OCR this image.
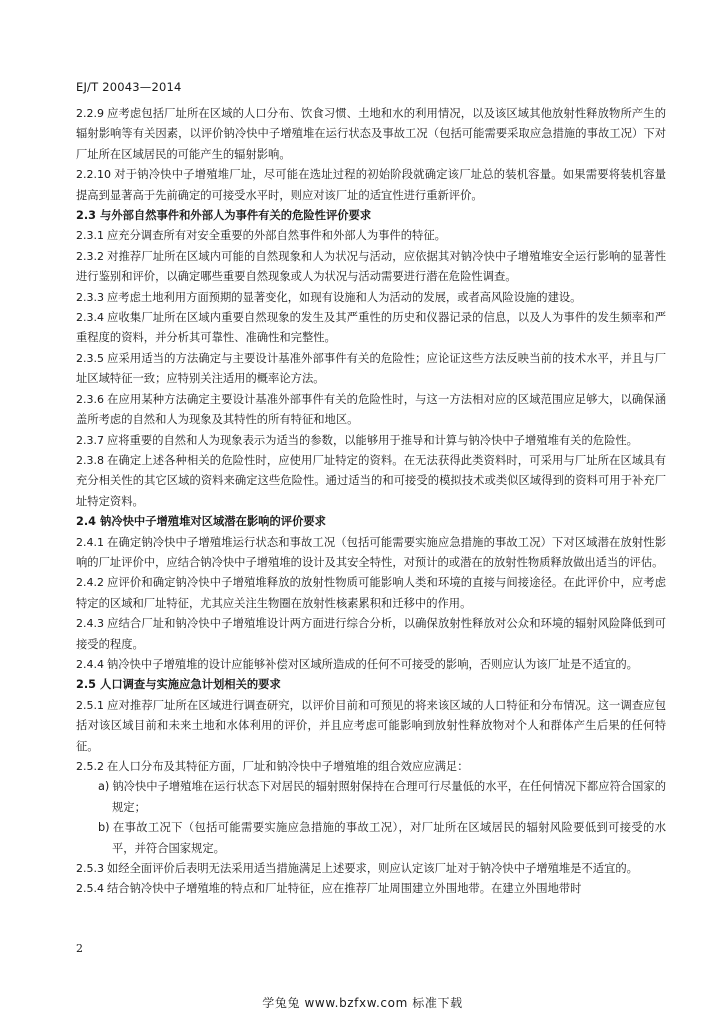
EJ/T 20043—2014

2.2.9 应考虑包括厂址所在区域的人口分布、饮食习惯、土地和水的利用情况，以及该区域其他放射性释放物所产生的辐射影响等有关因素，以评价钠冷快中子增殖堆在运行状态及事故工况（包括可能需要采取应急措施的事故工况）下对厂址所在区域居民的可能产生的辐射影响。

2.2.10 对于钠冷快中子增殖堆厂址，尽可能在选址过程的初始阶段就确定该厂址总的装机容量。如果需要将装机容量提高到显著高于先前确定的可接受水平时，则应对该厂址的适宜性进行重新评价。

2.3 与外部自然事件和外部人为事件有关的危险性评价要求

2.3.1 应充分调查所有对安全重要的外部自然事件和外部人为事件的特征。

2.3.2 对推荐厂址所在区域内可能的自然现象和人为状况与活动，应依据其对钠冷快中子增殖堆安全运行影响的显著性进行鉴别和评价，以确定哪些重要自然现象或人为状况与活动需要进行潜在危险性调查。

2.3.3 应考虑土地利用方面预期的显著变化，如现有设施和人为活动的发展，或者高风险设施的建设。

2.3.4 应收集厂址所在区域内重要自然现象的发生及其严重性的历史和仪器记录的信息，以及人为事件的发生频率和严重程度的资料，并分析其可靠性、准确性和完整性。

2.3.5 应采用适当的方法确定与主要设计基准外部事件有关的危险性；应论证这些方法反映当前的技术水平，并且与厂址区域特征一致；应特别关注适用的概率论方法。

2.3.6 在应用某种方法确定主要设计基准外部事件有关的危险性时，与这一方法相对应的区域范围应足够大，以确保涵盖所考虑的自然和人为现象及其特性的所有特征和地区。

2.3.7 应将重要的自然和人为现象表示为适当的参数，以能够用于推导和计算与钠冷快中子增殖堆有关的危险性。

2.3.8 在确定上述各种相关的危险性时，应使用厂址特定的资料。在无法获得此类资料时，可采用与厂址所在区域具有充分相关性的其它区域的资料来确定这些危险性。通过适当的和可接受的模拟技术或类似区域得到的资料可用于补充厂址特定资料。

2.4 钠冷快中子增殖堆对区域潜在影响的评价要求

2.4.1 在确定钠冷快中子增殖堆运行状态和事故工况（包括可能需要实施应急措施的事故工况）下对区域潜在放射性影响的厂址评价中，应结合钠冷快中子增殖堆的设计及其安全特性，对预计的或潜在的放射性物质释放做出适当的评估。

2.4.2 应评价和确定钠冷快中子增殖堆释放的放射性物质可能影响人类和环境的直接与间接途径。在此评价中，应考虑特定的区域和厂址特征，尤其应关注生物圈在放射性核素累积和迁移中的作用。

2.4.3 应结合厂址和钠冷快中子增殖堆设计两方面进行综合分析，以确保放射性释放对公众和环境的辐射风险降低到可接受的程度。

2.4.4 钠冷快中子增殖堆的设计应能够补偿对区域所造成的任何不可接受的影响，否则应认为该厂址是不适宜的。

2.5 人口调查与实施应急计划相关的要求

2.5.1 应对推荐厂址所在区域进行调查研究，以评价目前和可预见的将来该区域的人口特征和分布情况。这一调查应包括对该区域目前和未来土地和水体利用的评价，并且应考虑可能影响到放射性释放物对个人和群体产生后果的任何特征。

2.5.2 在人口分布及其特征方面，厂址和钠冷快中子增殖堆的组合效应应满足：

a) 钠冷快中子增殖堆在运行状态下对居民的辐射照射保持在合理可行尽量低的水平，在任何情况下都应符合国家的规定；
b) 在事故工况下（包括可能需要实施应急措施的事故工况），对厂址所在区域居民的辐射风险要低到可接受的水平，并符合国家规定。

2.5.3 如经全面评价后表明无法采用适当措施满足上述要求，则应认定该厂址对于钠冷快中子增殖堆是不适宜的。

2.5.4 结合钠冷快中子增殖堆的特点和厂址特征，应在推荐厂址周围建立外围地带。在建立外围地带时

2
学兔兔 www.bzfxw.com 标准下载
